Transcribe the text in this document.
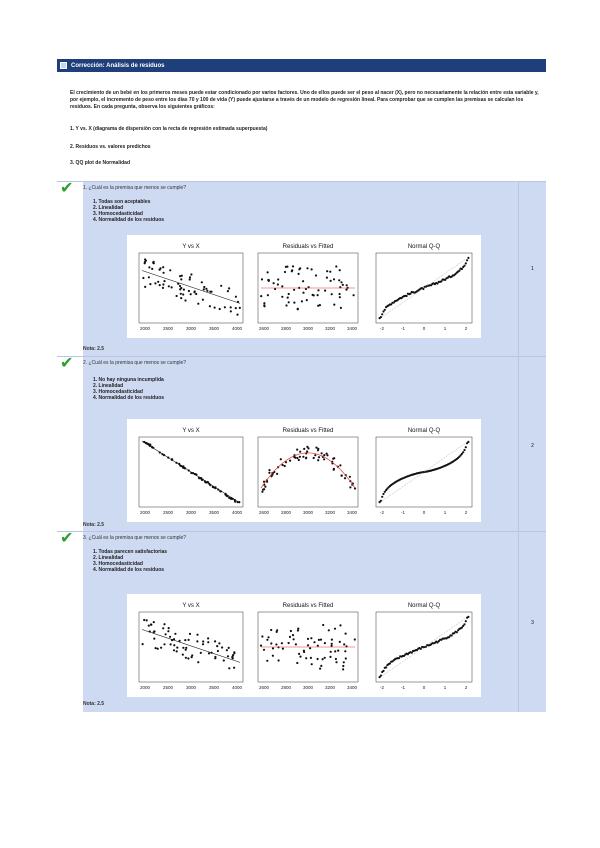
Corrección: Análisis de residuos
El crecimiento de un bebé en los primeros meses puede estar condicionado por varios factores. Uno de ellos puede ser el peso al nacer (X), pero no necesariamente la relación entre esta variable y, por ejemplo, el incremento de peso entre los días 70 y 100 de vida (Y) puede ajustarse a través de un modelo de regresión lineal. Para comprobar que se cumplen las premisas se calculan los residuos. En cada pregunta, observa los siguientes gráficos:
1. Y vs. X (diagrama de dispersión con la recta de regresión estimada superpuesta)
2. Residuos vs. valores predichos
3. QQ plot de Normalidad
✔ 1. ¿Cuál es la premisa que menos se cumple?
1. Todas son aceptables
2. Linealidad
3. Homocedasticidad
4. Normalidad de los residuos
Y vs X
2000	2500	3000	3500	4000
Residuals vs Fitted
2600	2800	3000	3200	3400
Normal Q-Q
-2	-1	0	1	2
Nota: 2.5
1
✔ 2. ¿Cuál es la premisa que menos se cumple?
1. No hay ninguna incumplida
2. Linealidad
3. Homocedasticidad
4. Normalidad de los residuos
Y vs X
2000	2500	3000	3500	4000
Residuals vs Fitted
2600	2800	3000	3200	3400
Normal Q-Q
-2	-1	0	1	2
Nota: 2.5
2
✔ 3. ¿Cuál es la premisa que menos se cumple?
1. Todas parecen satisfactorias
2. Linealidad
3. Homocedasticidad
4. Normalidad de los residuos
Y vs X
2000	2500	3000	3500	4000
Residuals vs Fitted
2600	2800	3000	3200	3400
Normal Q-Q
-2	-1	0	1	2
Nota: 2.5
3
